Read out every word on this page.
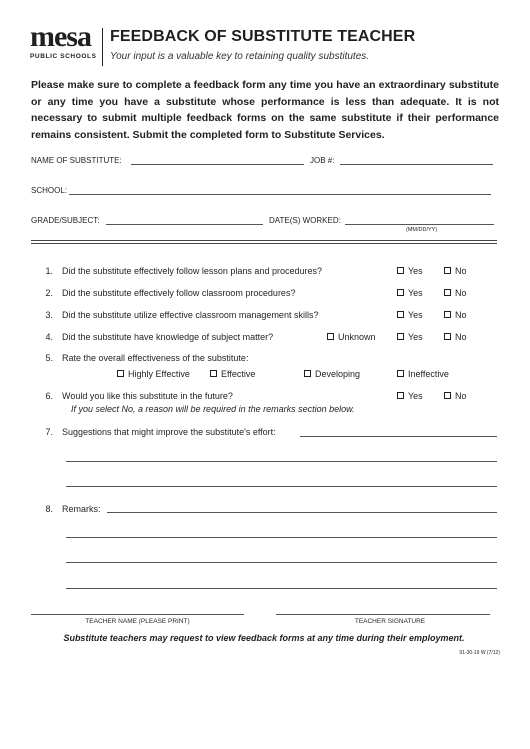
mesa
PUBLIC SCHOOLS
FEEDBACK OF SUBSTITUTE TEACHER
Your input is a valuable key to retaining quality substitutes.
Please make sure to complete a feedback form any time you have an extraordinary substitute or any time you have a substitute whose performance is less than adequate. It is not necessary to submit multiple feedback forms on the same substitute if their performance remains consistent. Submit the completed form to Substitute Services.
NAME OF SUBSTITUTE:	JOB #:
SCHOOL:
GRADE/SUBJECT:	DATE(S) WORKED:
(MM/DD/YY)
1. Did the substitute effectively follow lesson plans and procedures?	Yes	No
2. Did the substitute effectively follow classroom procedures?	Yes	No
3. Did the substitute utilize effective classroom management skills?	Yes	No
4. Did the substitute have knowledge of subject matter?	Unknown	Yes	No
5. Rate the overall effectiveness of the substitute:
Highly Effective	Effective	Developing	Ineffective
6. Would you like this substitute in the future?	Yes	No
If you select No, a reason will be required in the remarks section below.
7. Suggestions that might improve the substitute's effort:
8. Remarks:
TEACHER NAME (PLEASE PRINT)	TEACHER SIGNATURE
Substitute teachers may request to view feedback forms at any time during their employment.
91-30-19 W (7/12)
